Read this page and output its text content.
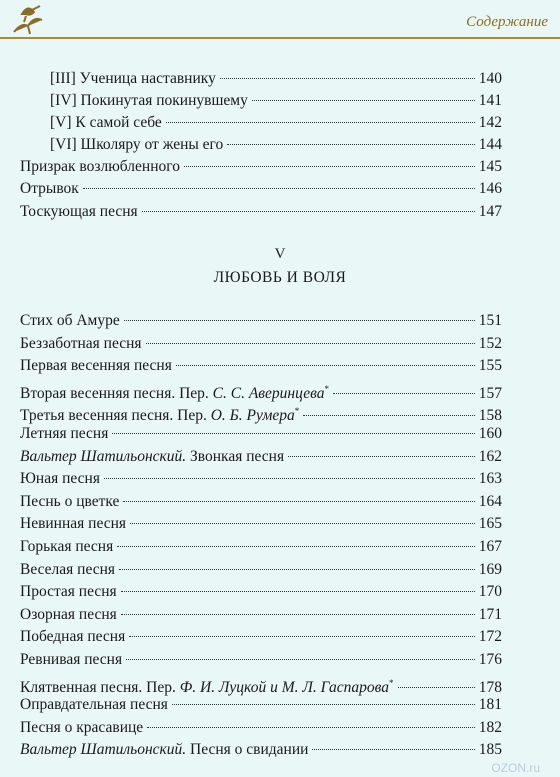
Содержание
[III] Ученица наставнику	140
[IV] Покинутая покинувшему	141
[V] К самой себе	142
[VI] Школяру от жены его	144
Призрак возлюбленного	145
Отрывок	146
Тоскующая песня	147
Стих об Амуре	151
Беззаботная песня	152
Первая весенняя песня	155
Вторая весенняя песня. Пер. С. С. Аверинцева*	157
Третья весенняя песня. Пер. О. Б. Румера*	158
Летняя песня	160
Вальтер Шатильонский. Звонкая песня	162
Юная песня	163
Песнь о цветке	164
Невинная песня	165
Горькая песня	167
Веселая песня	169
Простая песня	170
Озорная песня	171
Победная песня	172
Ревнивая песня	176
Клятвенная песня. Пер. Ф. И. Луцкой и М. Л. Гаспарова*	178
Оправдательная песня	181
Песня о красавице	182
Вальтер Шатильонский. Песня о свидании	185
V
ЛЮБОВЬ И ВОЛЯ
OZON.ru
